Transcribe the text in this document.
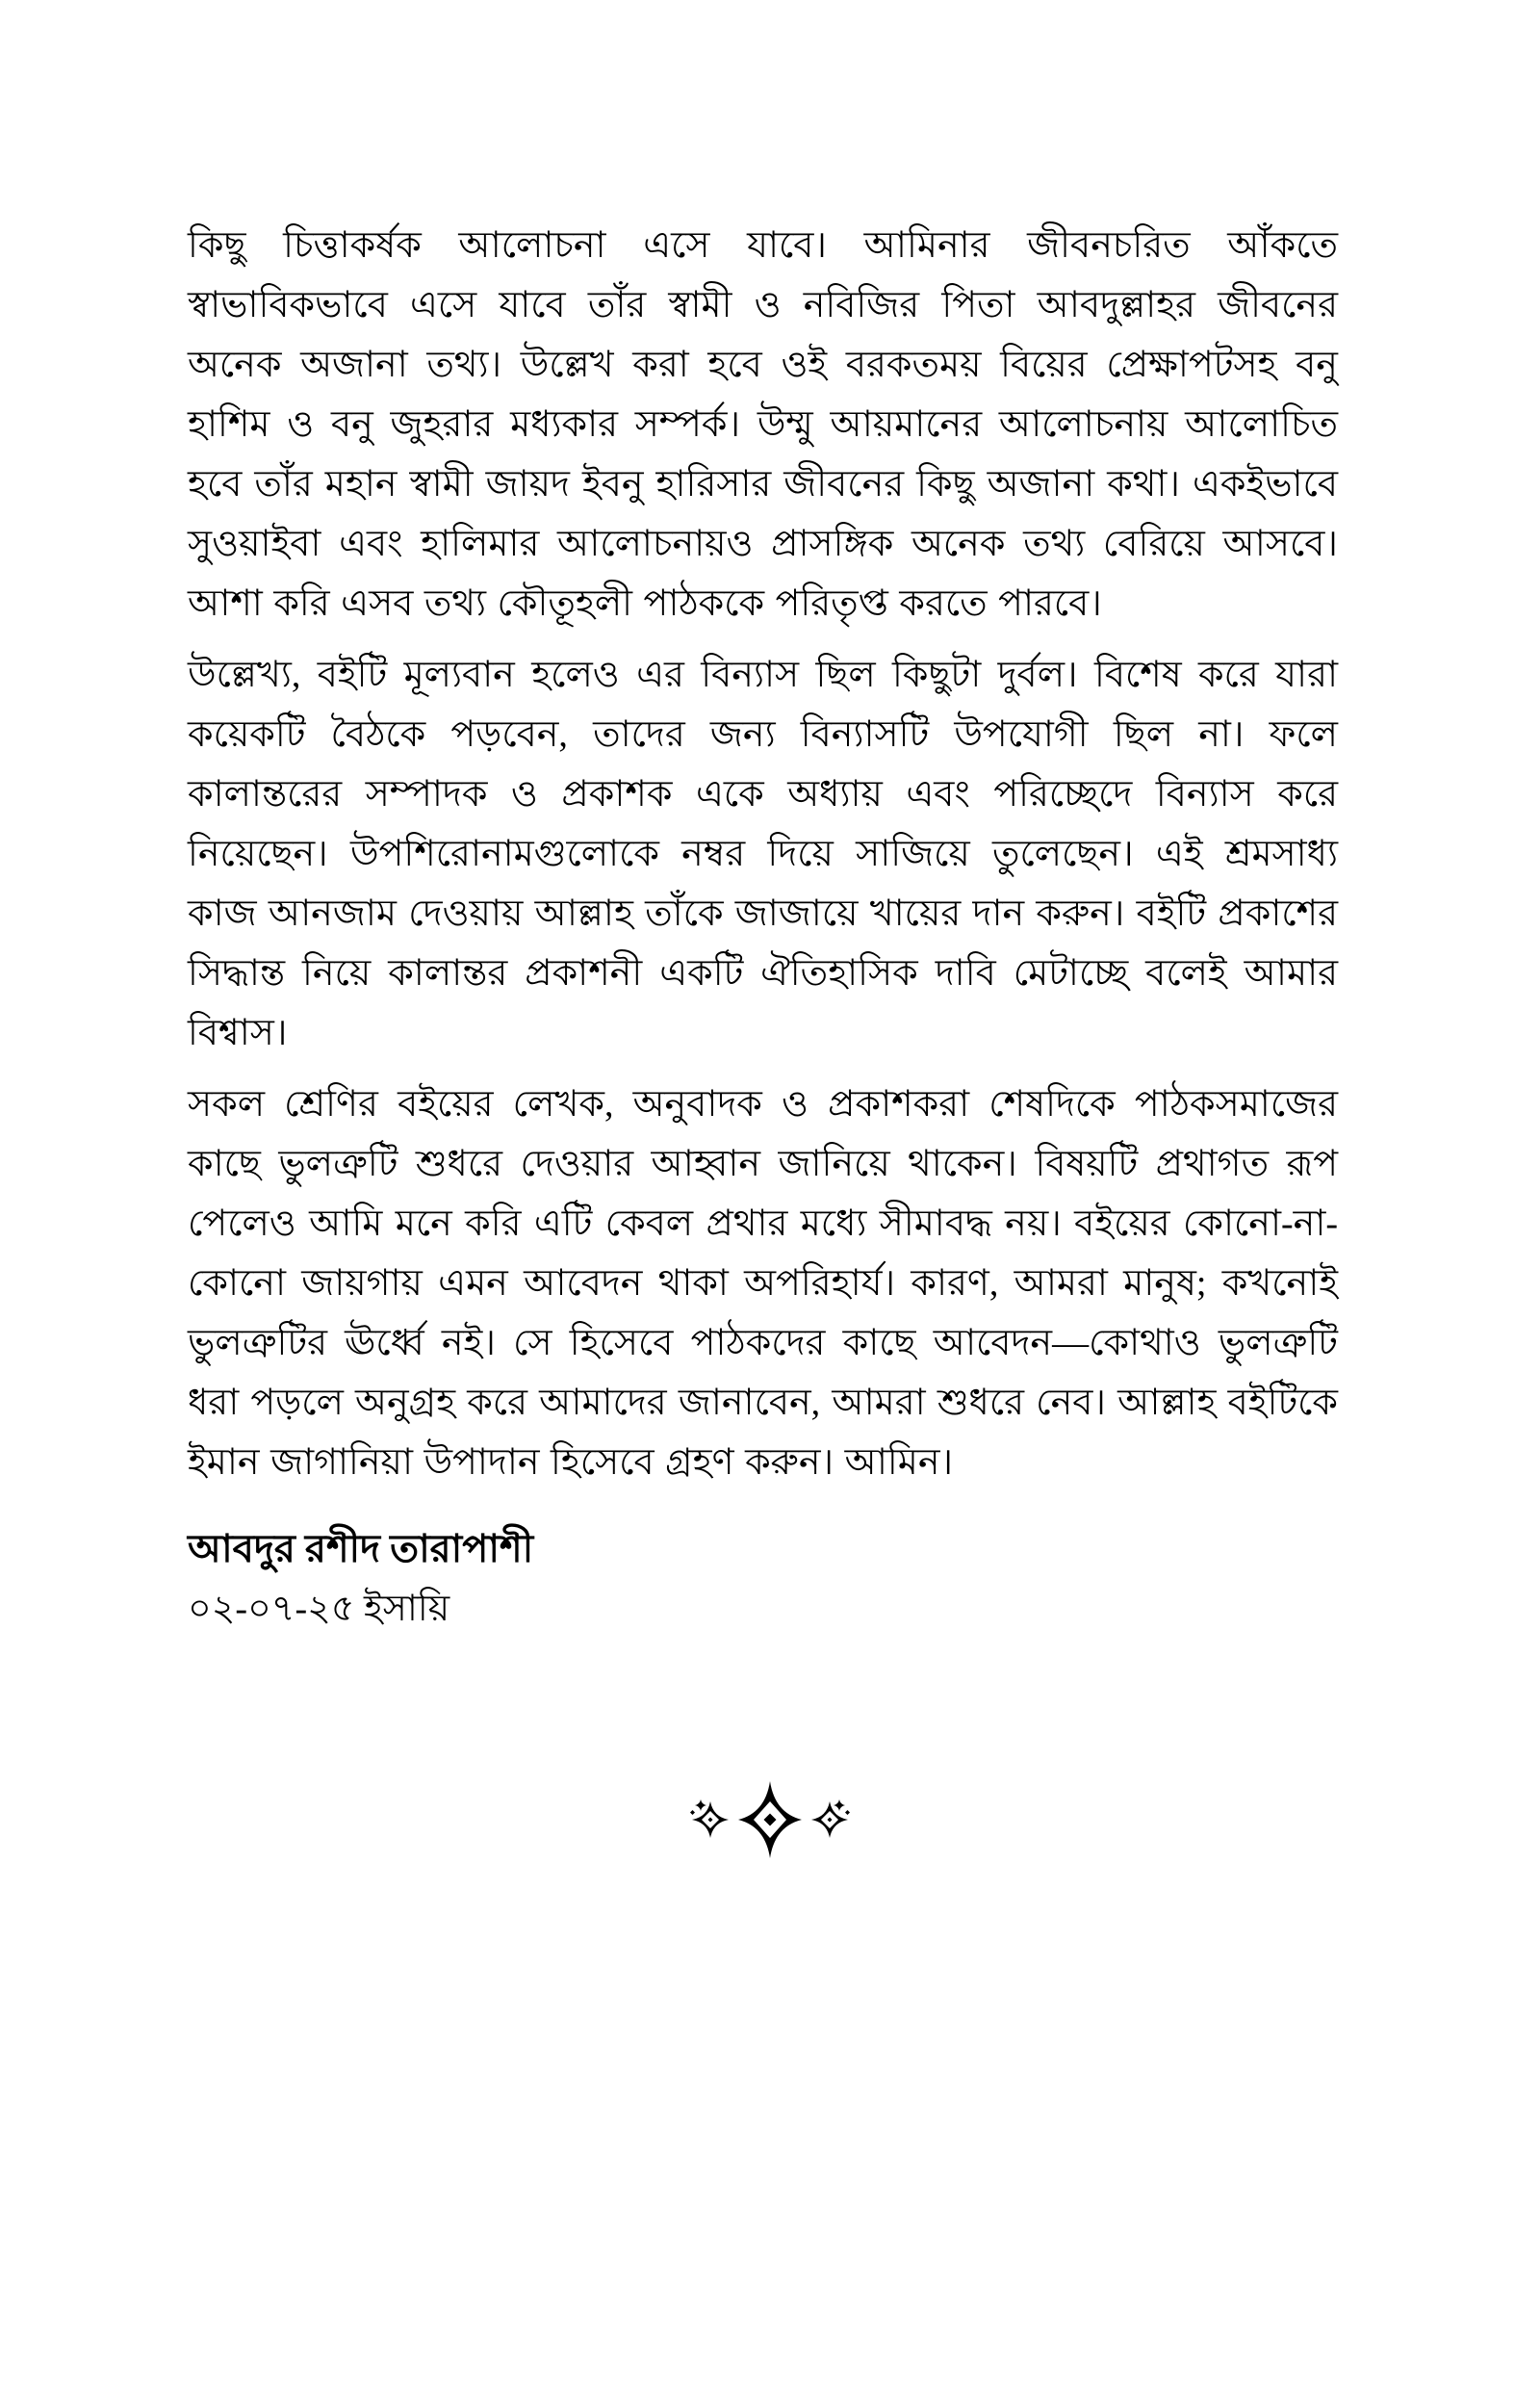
কিছু চিত্তাকর্ষক আলোচনা এসে যাবে। আমিনার জীবনচরিত আঁকতে স্বাভাবিকভাবে এসে যাবে তাঁর স্বামী ও নবিজির পিতা আবদুল্লাহর জীবনের অনেক অজানা তথ্য। উল্লেখ করা হবে ওই বরকতময় বিয়ের প্রেক্ষাপটসহ বনু হাশিম ও বনু জুহরার মধ্যকার সম্পর্ক। উম্মু আয়মানের আলোচনায় আলোচিত হবে তাঁর মহান স্বামী জায়দ ইবনু হারিসার জীবনের কিছু অজানা কথা। একইভাবে সুওয়াইবা এবং হালিমার আলোচনায়ও প্রাসঙ্গিক অনেক তথ্য বেরিয়ে আসবে। আশা করি এসব তথ্য কৌতূহলী পাঠককে পরিতৃপ্ত করতে পারবে।

উল্লেখ্য, বইটি মূল্যবান হলেও এর বিন্যাস ছিল কিছুটা দুর্বল। বিশেষ করে যারা কয়েকটি বৈঠকে পড়বেন, তাদের জন্য বিন্যাসটি উপযোগী ছিল না। ফলে কালান্তরের সম্পাদক ও প্রকাশক একে অধ্যায় এবং পরিচ্ছেদে বিন্যাস করে নিয়েছেন। উপশিরোনামগুলোকে নম্বর দিয়ে সাজিয়ে তুলেছেন। এই শ্রমসাধ্য কাজ আনজাম দেওয়ায় আল্লাহ তাঁকে জাজায়ে খায়ের দান করুন। বইটি প্রকাশের সিদ্ধান্ত নিয়ে কালান্তর প্রকাশনী একটি ঐতিহাসিক দাবি মেটাচ্ছে বলেই আমার বিশ্বাস।

সকল শ্রেণির বইয়ের লেখক, অনুবাদক ও প্রকাশকরা শেষদিকে পাঠকসমাজের কাছে ভুলত্রুটি শুধরে দেওয়ার আহ্বান জানিয়ে থাকেন। বিষয়টি প্রথাগত রূপ পেলেও আমি মনে করি এটি কেবল প্রথার মধ্যে সীমাবদ্ধ নয়। বইয়ের কোনো-না-কোনো জায়গায় এমন আবেদন থাকা অপরিহার্য। কারণ, আমরা মানুষ; কখনোই ভুলত্রুটির ঊর্ধ্বে নই। সে হিসেবে পাঠকদের কাছে আবেদন—কোথাও ভুলত্রুটি ধরা পড়লে অনুগ্রহ করে আমাদের জানাবেন, আমরা শুধরে নেব। আল্লাহ বইটিকে ইমান জাগানিয়া উপাদান হিসেবে গ্রহণ করুন। আমিন।

আবদুর রশীদ তারাপাশী

০২-০৭-২৫ ইসায়ি
